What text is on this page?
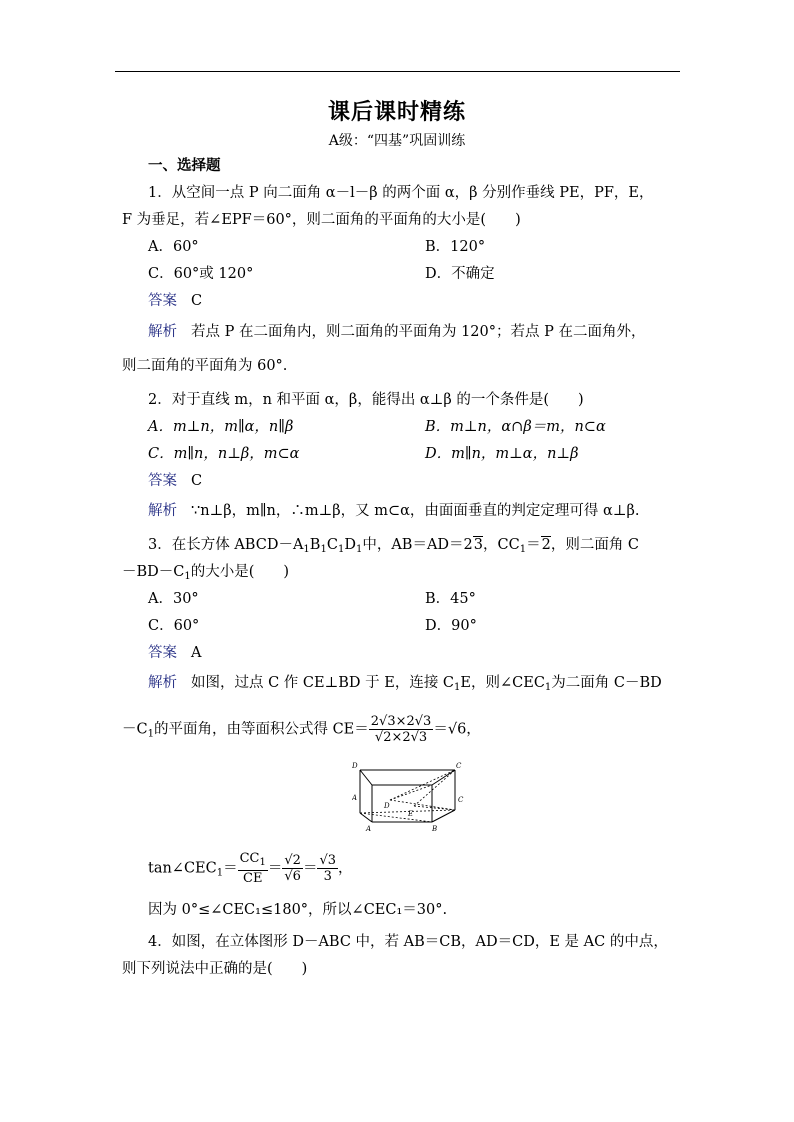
课后课时精练
A级：“四基”巩固训练
一、选择题
1．从空间一点 P 向二面角 α－l－β 的两个面 α，β 分别作垂线 PE，PF，E，
F 为垂足，若∠EPF＝60°，则二面角的平面角的大小是(　　)
A．60°	B．120°
C．60°或 120°	D．不确定
答案 C
解析 若点 P 在二面角内，则二面角的平面角为 120°；若点 P 在二面角外，
则二面角的平面角为 60°.
2．对于直线 m，n 和平面 α，β，能得出 α⊥β 的一个条件是(　　)
A．m⊥n，m∥α，n∥β	B．m⊥n，α∩β＝m，n⊂α
C．m∥n，n⊥β，m⊂α	D．m∥n，m⊥α，n⊥β
答案 C
解析 ∵n⊥β，m∥n，∴m⊥β，又 m⊂α，由面面垂直的判定定理可得 α⊥β.
3．在长方体 $ABCD-A_1B_1C_1D_1$中，AB＝AD＝23，$CC_1=2$，则二面角 C
$-BD-C_1$的大小是(　　)
A．30°	B．45°
C．60°	D．90°
答案 A
解析 如图，过点 C 作 CE⊥BD 于 E，连接 $C_1E$，则$\angle CEC_1$为二面角 C－BD
$-C_1$的平面角，由等面积公式得 $CE= \frac{2√3\times 2√3}{√2\times 2√3} =√6$，
D	C
A
D
E
C
A	B
$\tan\angle CEC_1= \frac{CC_1}{CE} = \frac{√2}{√6} = \frac{√3}{3}$ ，
因为 0°≤∠CEC₁≤180°，所以∠CEC₁＝30°.
4．如图，在立体图形 D－ABC 中，若 AB＝CB，AD＝CD，E 是 AC 的中点，
则下列说法中正确的是(　　)
